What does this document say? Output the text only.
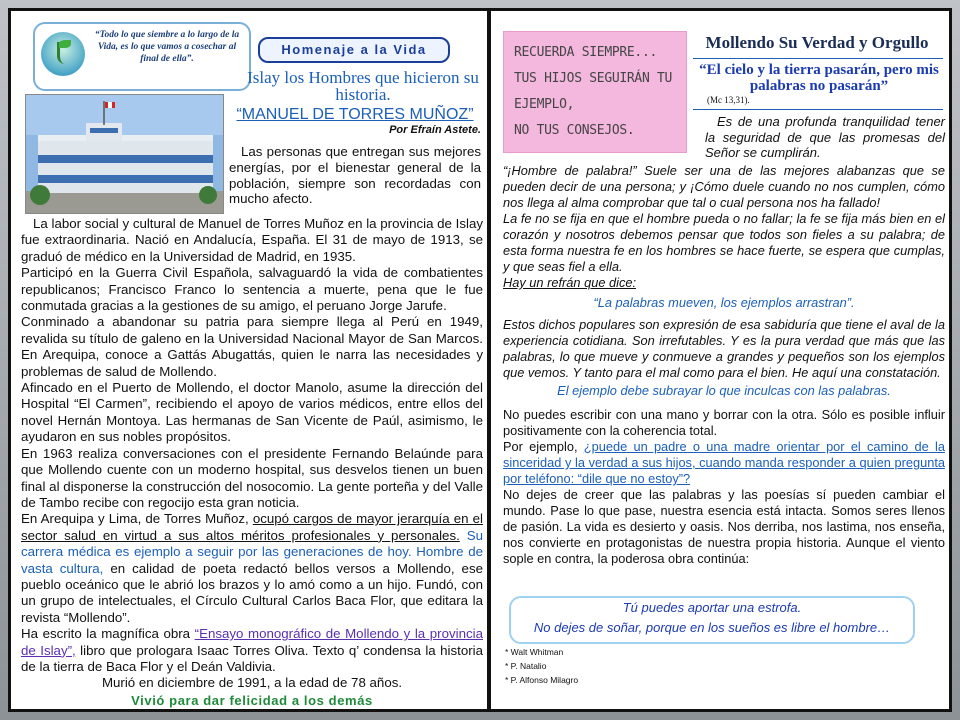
“Todo lo que siembre a lo largo de la Vida, es lo que vamos a cosechar al final de ella”.
Homenaje a la Vida
Islay los Hombres que hicieron su historia.
“MANUEL DE TORRES MUÑOZ”
Por Efraín Astete.
Las personas que entregan sus mejores energías, por el bienestar general de la población, siempre son recordadas con mucho afecto.

La labor social y cultural de Manuel de Torres Muñoz en la provincia de Islay fue extraordinaria. Nació en Andalucía, España. El 31 de mayo de 1913, se graduó de médico en la Universidad de Madrid, en 1935.

Participó en la Guerra Civil Española, salvaguardó la vida de combatientes republicanos; Francisco Franco lo sentencia a muerte, pena que le fue conmutada gracias a la gestiones de su amigo, el peruano Jorge Jarufe.

Conminado a abandonar su patria para siempre llega al Perú en 1949, revalida su título de galeno en la Universidad Nacional Mayor de San Marcos. En Arequipa, conoce a Gattás Abugattás, quien le narra las necesidades y problemas de salud de Mollendo.

Afincado en el Puerto de Mollendo, el doctor Manolo, asume la dirección del Hospital “El Carmen”, recibiendo el apoyo de varios médicos, entre ellos del novel Hernán Montoya. Las hermanas de San Vicente de Paúl, asimismo, le ayudaron en sus nobles propósitos.

En 1963 realiza conversaciones con el presidente Fernando Belaúnde para que Mollendo cuente con un moderno hospital, sus desvelos tienen un buen final al disponerse la construcción del nosocomio. La gente porteña y del Valle de Tambo recibe con regocijo esta gran noticia.

En Arequipa y Lima, de Torres Muñoz, ocupó cargos de mayor jerarquía en el sector salud en virtud a sus altos méritos profesionales y personales. Su carrera médica es ejemplo a seguir por las generaciones de hoy. Hombre de vasta cultura, en calidad de poeta redactó bellos versos a Mollendo, ese pueblo oceánico que le abrió los brazos y lo amó como a un hijo. Fundó, con un grupo de intelectuales, el Círculo Cultural Carlos Baca Flor, que editara la revista “Mollendo”.

Ha escrito la magnífica obra “Ensayo monográfico de Mollendo y la provincia de Islay”, libro que prologara Isaac Torres Oliva. Texto q’ condensa la historia de la tierra de Baca Flor y el Deán Valdivia.

Murió en diciembre de 1991, a la edad de 78 años.
Vivió para dar felicidad a los demás
RECUERDA SIEMPRE...
TUS HIJOS SEGUIRÁN TU
EJEMPLO,
NO TUS CONSEJOS.
Mollendo Su Verdad y Orgullo
“El cielo y la tierra pasarán, pero mis palabras no pasarán”
(Mc 13,31).
Es de una profunda tranquilidad tener la seguridad de que las promesas del Señor se cumplirán.

“¡Hombre de palabra!” Suele ser una de las mejores alabanzas que se pueden decir de una persona; y ¡Cómo duele cuando no nos cumplen, cómo nos llega al alma comprobar que tal o cual persona nos ha fallado!

La fe no se fija en que el hombre pueda o no fallar; la fe se fija más bien en el corazón y nosotros debemos pensar que todos son fieles a su palabra; de esta forma nuestra fe en los hombres se hace fuerte, se espera que cumplas, y que seas fiel a ella.

Hay un refrán que dice:

“La palabras mueven, los ejemplos arrastran”.

Estos dichos populares son expresión de esa sabiduría que tiene el aval de la experiencia cotidiana. Son irrefutables. Y es la pura verdad que más que las palabras, lo que mueve y conmueve a grandes y pequeños son los ejemplos que vemos. Y tanto para el mal como para el bien. He aquí una constatación.

El ejemplo debe subrayar lo que inculcas con las palabras.

No puedes escribir con una mano y borrar con la otra. Sólo es posible influir positivamente con la coherencia total.

Por ejemplo, ¿puede un padre o una madre orientar por el camino de la sinceridad y la verdad a sus hijos, cuando manda responder a quien pregunta por teléfono: “dile que no estoy”?

No dejes de creer que las palabras y las poesías sí pueden cambiar el mundo. Pase lo que pase, nuestra esencia está intacta. Somos seres llenos de pasión. La vida es desierto y oasis. Nos derriba, nos lastima, nos enseña, nos convierte en protagonistas de nuestra propia historia. Aunque el viento sople en contra, la poderosa obra continúa:

Tú puedes aportar una estrofa.
No dejes de soñar, porque en los sueños es libre el hombre…
* Walt Whitman
* P. Natalio
* P. Alfonso Milagro
